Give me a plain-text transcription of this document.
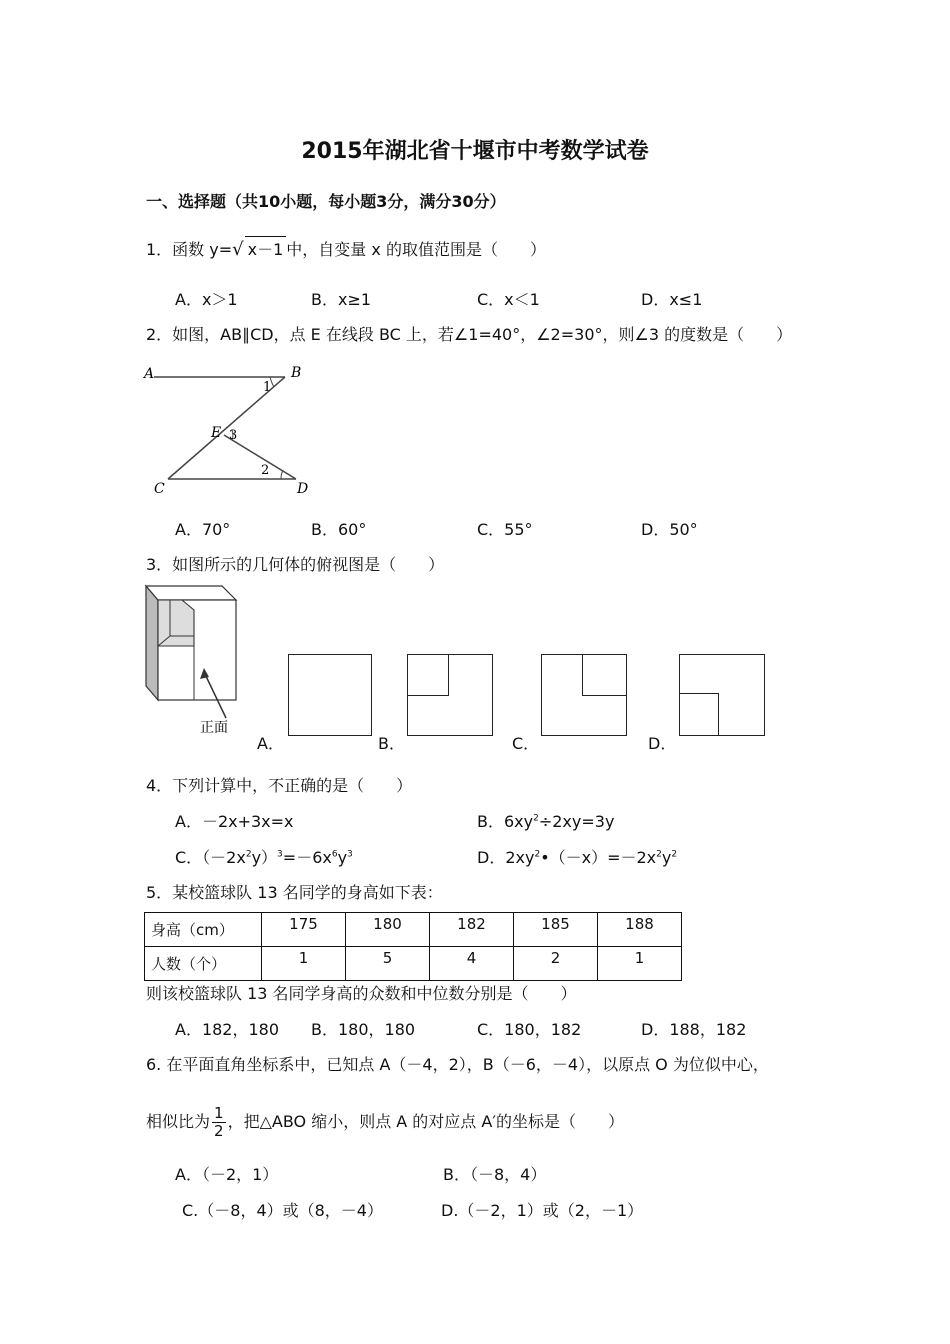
2015年湖北省十堰市中考数学试卷
一、选择题（共10小题，每小题3分，满分30分）
1．函数 y=√ x－1 中，自变量 x 的取值范围是（　　）
A．x＞1	B．x≥1	C．x＜1	D．x≤1
2．如图，AB∥CD，点 E 在线段 BC 上，若∠1=40°，∠2=30°，则∠3 的度数是（　　）
A	B
1
E 3
2
C	D
A．70°	B．60°	C．55°	D．50°
3．如图所示的几何体的俯视图是（　　）
正面
A．	B．	C．	D．
4．下列计算中，不正确的是（　　）
A．－2x+3x=x	B．$6xy^2\div 2xy=3y$
C．$(-2x^2y)^3=-6x^6y^3$	D．$2xy^2•(-x)=-2x^2y^2$
5．某校篮球队 13 名同学的身高如下表：
身高（cm）	175	180	182	185	188
人数（个）	1	5	4	2	1
则该校篮球队 13 名同学身高的众数和中位数分别是（　　）
A．182，180 B．180，180	C．180，182	D．188，182
6. 在平面直角坐标系中，已知点 A（－4，2），B（－6，－4），以原点 O 为位似中心，
相似比为 $\frac{1}{2}$ ，把△ABO 缩小，则点 A 的对应点 A′的坐标是（　　）
A．（－2，1）	B．（－8，4）
C.（－8，4）或（8，－4）	D.（－2，1）或（2，－1）
